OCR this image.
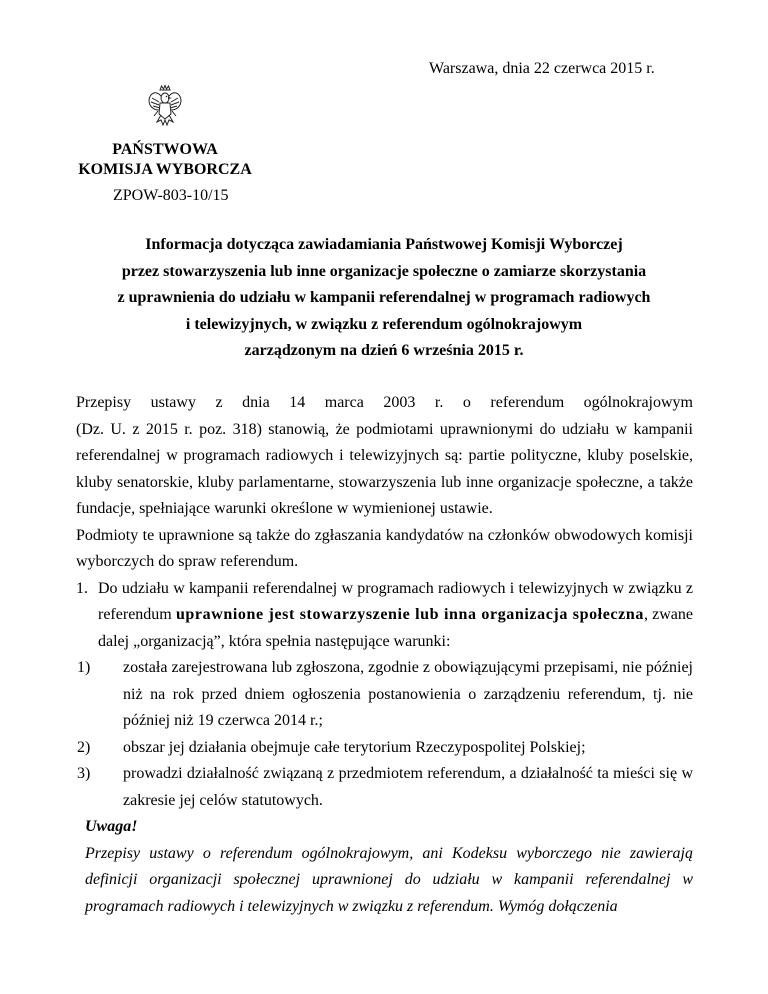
Warszawa, dnia 22 czerwca 2015 r.
PAŃSTWOWA
KOMISJA WYBORCZA
ZPOW-803-10/15
Informacja dotycząca zawiadamiania Państwowej Komisji Wyborczej
przez stowarzyszenia lub inne organizacje społeczne o zamiarze skorzystania
z uprawnienia do udziału w kampanii referendalnej w programach radiowych
i telewizyjnych, w związku z referendum ogólnokrajowym
zarządzonym na dzień 6 września 2015 r.
Przepisy ustawy z dnia 14 marca 2003 r. o referendum ogólnokrajowym
(Dz. U. z 2015 r. poz. 318) stanowią, że podmiotami uprawnionymi do udziału w kampanii referendalnej w programach radiowych i telewizyjnych są: partie polityczne, kluby poselskie, kluby senatorskie, kluby parlamentarne, stowarzyszenia lub inne organizacje społeczne, a także fundacje, spełniające warunki określone w wymienionej ustawie.
Podmioty te uprawnione są także do zgłaszania kandydatów na członków obwodowych komisji wyborczych do spraw referendum.
1. Do udziału w kampanii referendalnej w programach radiowych i telewizyjnych w związku z referendum uprawnione jest stowarzyszenie lub inna organizacja społeczna, zwane dalej „organizacją”, która spełnia następujące warunki:
1) została zarejestrowana lub zgłoszona, zgodnie z obowiązującymi przepisami, nie później niż na rok przed dniem ogłoszenia postanowienia o zarządzeniu referendum, tj. nie później niż 19 czerwca 2014 r.;
2) obszar jej działania obejmuje całe terytorium Rzeczypospolitej Polskiej;
3) prowadzi działalność związaną z przedmiotem referendum, a działalność ta mieści się w zakresie jej celów statutowych.
Uwaga!
Przepisy ustawy o referendum ogólnokrajowym, ani Kodeksu wyborczego nie zawierają definicji organizacji społecznej uprawnionej do udziału w kampanii referendalnej w programach radiowych i telewizyjnych w związku z referendum. Wymóg dołączenia
